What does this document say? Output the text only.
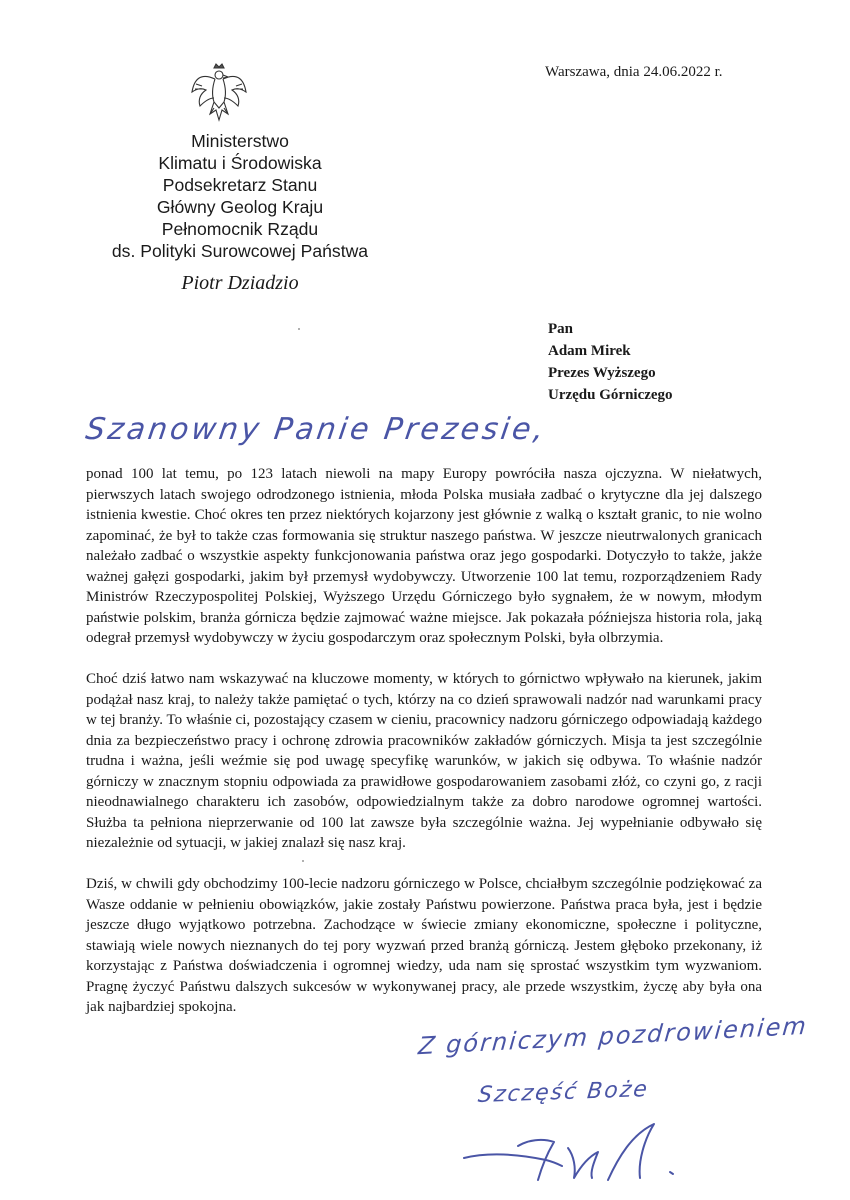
Warszawa, dnia 24.06.2022 r.
Ministerstwo
Klimatu i Środowiska
Podsekretarz Stanu
Główny Geolog Kraju
Pełnomocnik Rządu
ds. Polityki Surowcowej Państwa
Piotr Dziadzio
Pan
Adam Mirek
Prezes Wyższego
Urzędu Górniczego
Szanowny Panie Prezesie,

ponad 100 lat temu, po 123 latach niewoli na mapy Europy powróciła nasza ojczyzna. W niełatwych, pierwszych latach swojego odrodzonego istnienia, młoda Polska musiała zadbać o krytyczne dla jej dalszego istnienia kwestie. Choć okres ten przez niektórych kojarzony jest głównie z walką o kształt granic, to nie wolno zapominać, że był to także czas formowania się struktur naszego państwa. W jeszcze nieutrwalonych granicach należało zadbać o wszystkie aspekty funkcjonowania państwa oraz jego gospodarki. Dotyczyło to także, jakże ważnej gałęzi gospodarki, jakim był przemysł wydobywczy. Utworzenie 100 lat temu, rozporządzeniem Rady Ministrów Rzeczypospolitej Polskiej, Wyższego Urzędu Górniczego było sygnałem, że w nowym, młodym państwie polskim, branża górnicza będzie zajmować ważne miejsce. Jak pokazała późniejsza historia rola, jaką odegrał przemysł wydobywczy w życiu gospodarczym oraz społecznym Polski, była olbrzymia.

Choć dziś łatwo nam wskazywać na kluczowe momenty, w których to górnictwo wpływało na kierunek, jakim podążał nasz kraj, to należy także pamiętać o tych, którzy na co dzień sprawowali nadzór nad warunkami pracy w tej branży. To właśnie ci, pozostający czasem w cieniu, pracownicy nadzoru górniczego odpowiadają każdego dnia za bezpieczeństwo pracy i ochronę zdrowia pracowników zakładów górniczych. Misja ta jest szczególnie trudna i ważna, jeśli weźmie się pod uwagę specyfikę warunków, w jakich się odbywa. To właśnie nadzór górniczy w znacznym stopniu odpowiada za prawidłowe gospodarowaniem zasobami złóż, co czyni go, z racji nieodnawialnego charakteru ich zasobów, odpowiedzialnym także za dobro narodowe ogromnej wartości. Służba ta pełniona nieprzerwanie od 100 lat zawsze była szczególnie ważna. Jej wypełnianie odbywało się niezależnie od sytuacji, w jakiej znalazł się nasz kraj.

Dziś, w chwili gdy obchodzimy 100-lecie nadzoru górniczego w Polsce, chciałbym szczególnie podziękować za Wasze oddanie w pełnieniu obowiązków, jakie zostały Państwu powierzone. Państwa praca była, jest i będzie jeszcze długo wyjątkowo potrzebna. Zachodzące w świecie zmiany ekonomiczne, społeczne i polityczne, stawiają wiele nowych nieznanych do tej pory wyzwań przed branżą górniczą. Jestem głęboko przekonany, iż korzystając z Państwa doświadczenia i ogromnej wiedzy, uda nam się sprostać wszystkim tym wyzwaniom. Pragnę życzyć Państwu dalszych sukcesów w wykonywanej pracy, ale przede wszystkim, życzę aby była ona jak najbardziej spokojna.

Z górniczym pozdrowieniem
Szczęść Boże
